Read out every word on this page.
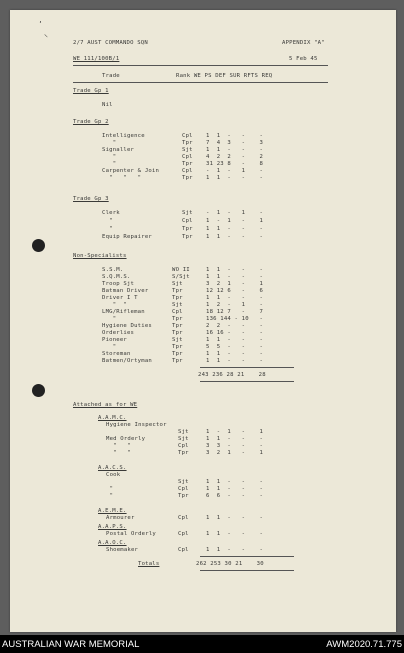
٬
⸌
2/7 AUST COMMANDO SQN	APPENDIX "A"
WE 111/100B/1	5 Feb 45
Trade	Rank WE PS DEF SUR RFTS REQ
Trade Gp 1
Nil
Trade Gp 2
Intelligence	Cpl 1  1  -   -    -
"	Tpr 7  4  3   -    3
Signaller	Sjt 1  1  -   -    -
"	Cpl 4  2  2   -    2
"	Tpr 31 23 8   -    8
Carpenter & Join	Cpl -  1  -   1    -
"   "   "	Tpr 1  1  -   -    -
Trade Gp 3
Clerk	Sjt -  1  -   1    -
"	Cpl 1  -  1   -    1
"	Tpr 1  1  -   -    -
Equip Repairer	Tpr 1  1  -   -    -
Non-Specialists
S.S.M.	WO II	1  1  -   -    -
S.Q.M.S.	S/Sjt	1  1  -   -    -
Troop Sjt	Sjt	3  2  1   -    1
Batman Driver	Tpr	12 12 6   -    6
Driver I T	Tpr	1  1  -   -    -
"  "	Sjt	1  2  -   1    -
LMG/Rifleman	Cpl	18 12 7   -    7
"	Tpr	136 144 - 10   -
Hygiene Duties	Tpr	2  2  -   -    -
Orderlies	Tpr	16 16 -   -    -
Pioneer	Sjt	1  1  -   -    -
"	Tpr	5  5  -   -    -
Storeman	Tpr	1  1  -   -    -
Batmen/Ortyman	Tpr	1  1  -   -    -
243 236 28 21    28
Attached as for WE
A.A.M.C.
Hygiene Inspector
Sjt	1  -  1   -    1
Med Orderly	Sjt	1  1  -   -    -
"   "	Cpl	3  3  -   -    -
"   "	Tpr	3  2  1   -    1
A.A.C.S.
Cook
Sjt	1  1  -   -    -
"	Cpl	1  1  -   -    -
"	Tpr	6  6  -   -    -
A.E.M.E.
Armourer	Cpl	1  1  -   -    -
A.A.P.S.
Postal Orderly	Cpl	1  1  -   -    -
A.A.O.C.
Shoemaker	Cpl	1  1  -   -    -
Totals	262 253 30 21    30
AUSTRALIAN WAR MEMORIAL	AWM2020.71.775
